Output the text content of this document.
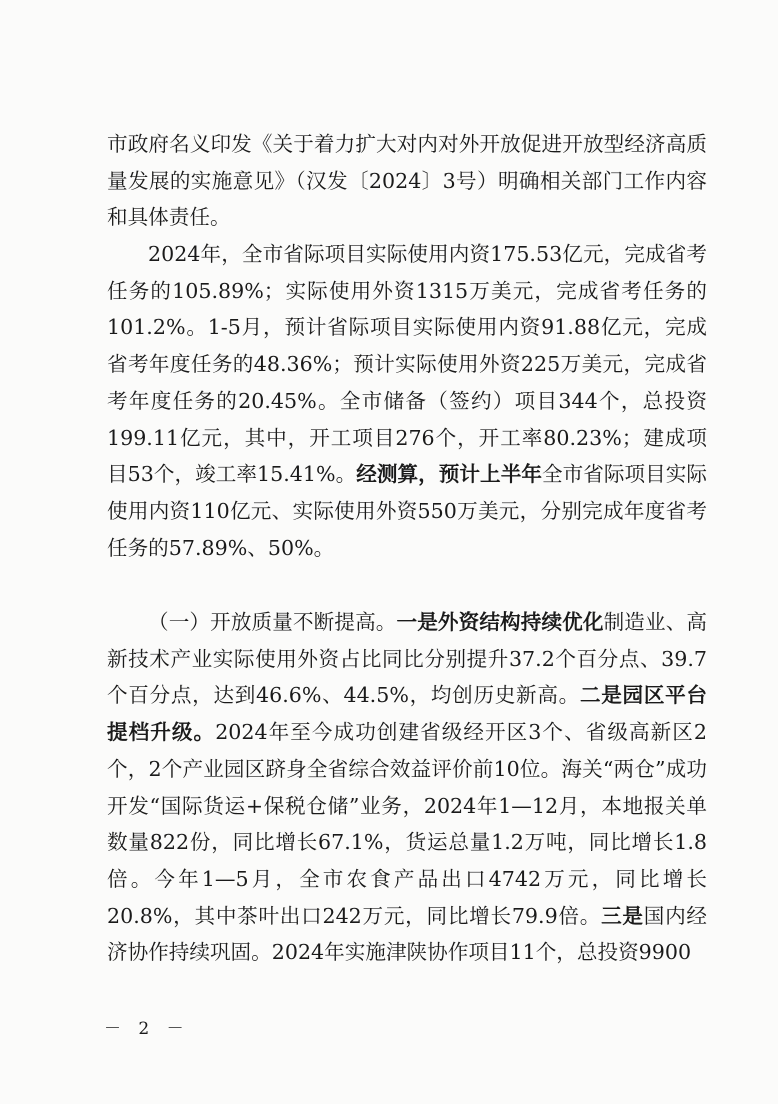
市政府名义印发《关于着力扩大对内对外开放促进开放型经济高质量发展的实施意见》（汉发〔2024〕3号）明确相关部门工作内容和具体责任。

2024年，全市省际项目实际使用内资175.53亿元，完成省考任务的105.89%；实际使用外资1315万美元，完成省考任务的101.2%。1-5月，预计省际项目实际使用内资91.88亿元，完成省考年度任务的48.36%；预计实际使用外资225万美元，完成省考年度任务的20.45%。全市储备（签约）项目344个，总投资199.11亿元，其中，开工项目276个，开工率80.23%；建成项目53个，竣工率15.41%。经测算，预计上半年全市省际项目实际使用内资110亿元、实际使用外资550万美元，分别完成年度省考任务的57.89%、50%。

（一）开放质量不断提高。一是外资结构持续优化制造业、高新技术产业实际使用外资占比同比分别提升37.2个百分点、39.7个百分点，达到46.6%、44.5%，均创历史新高。二是园区平台提档升级。2024年至今成功创建省级经开区3个、省级高新区2个，2个产业园区跻身全省综合效益评价前10位。海关“两仓”成功开发“国际货运+保税仓储”业务，2024年1—12月，本地报关单数量822份，同比增长67.1%，货运总量1.2万吨，同比增长1.8倍。今年1—5月，全市农食产品出口4742万元，同比增长20.8%，其中茶叶出口242万元，同比增长79.9倍。三是国内经济协作持续巩固。2024年实施津陕协作项目11个，总投资9900

－ 2 －
